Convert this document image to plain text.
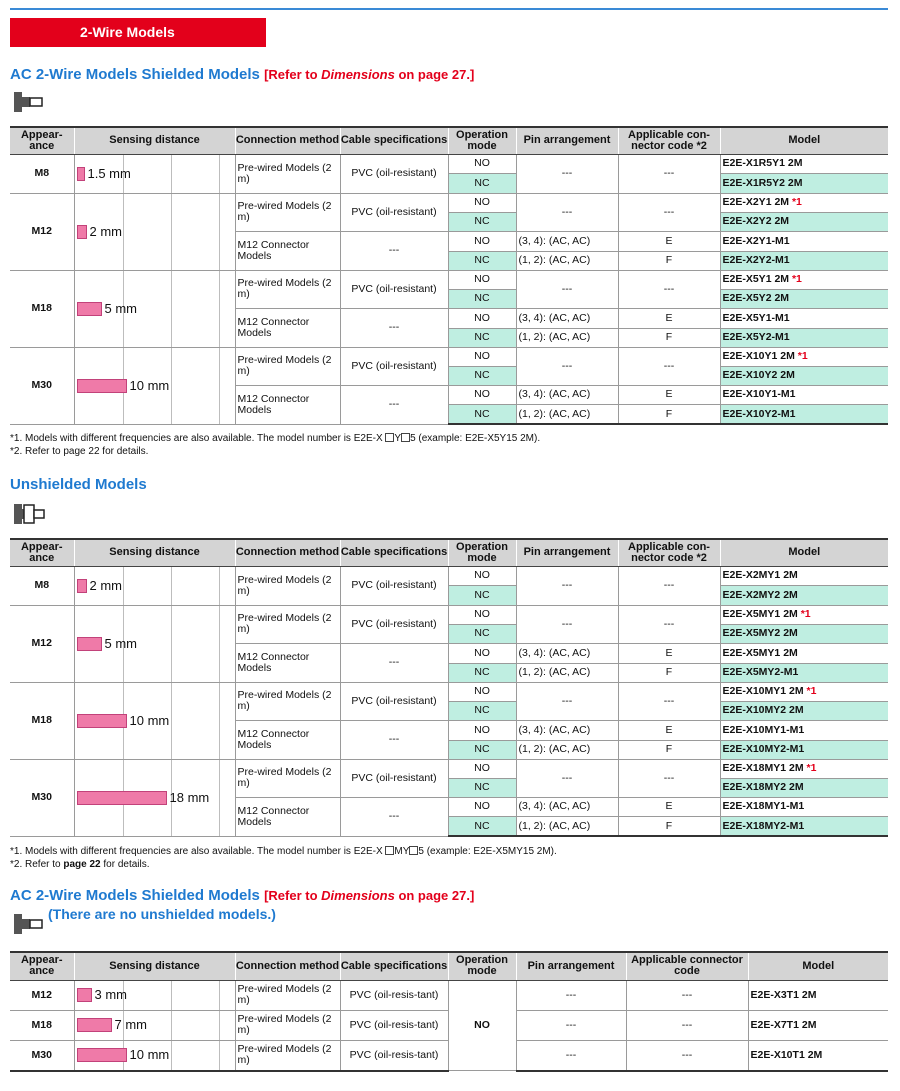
2-Wire Models
AC 2-Wire Models Shielded Models [Refer to Dimensions on page 27.]
Appear-ance	Sensing distance	Connection method	Cable specifications	Operation mode	Pin arrangement	Applicable con-nector code *2	Model
M8	1.5 mm	Pre-wired Models (2 m)	PVC (oil-resistant)	NO	---	---	E2E-X1R5Y1 2M
				NC			E2E-X1R5Y2 2M
M12	2 mm	Pre-wired Models (2 m)	PVC (oil-resistant)	NO	---	---	E2E-X2Y1 2M *1
				NC			E2E-X2Y2 2M
		M12 Connector Models	---	NO	(3, 4): (AC, AC)	E	E2E-X2Y1-M1
				NC	(1, 2): (AC, AC)	F	E2E-X2Y2-M1
M18	5 mm	Pre-wired Models (2 m)	PVC (oil-resistant)	NO	---	---	E2E-X5Y1 2M *1
				NC			E2E-X5Y2 2M
		M12 Connector Models	---	NO	(3, 4): (AC, AC)	E	E2E-X5Y1-M1
				NC	(1, 2): (AC, AC)	F	E2E-X5Y2-M1
M30	10 mm	Pre-wired Models (2 m)	PVC (oil-resistant)	NO	---	---	E2E-X10Y1 2M *1
				NC			E2E-X10Y2 2M
		M12 Connector Models	---	NO	(3, 4): (AC, AC)	E	E2E-X10Y1-M1
				NC	(1, 2): (AC, AC)	F	E2E-X10Y2-M1
*1. Models with different frequencies are also available. The model number is E2E-X Y 5 (example: E2E-X5Y15 2M).
*2. Refer to page 22 for details.
Unshielded Models
Appear-ance	Sensing distance	Connection method	Cable specifications	Operation mode	Pin arrangement	Applicable con-nector code *2	Model
M8	2 mm	Pre-wired Models (2 m)	PVC (oil-resistant)	NO	---	---	E2E-X2MY1 2M
				NC			E2E-X2MY2 2M
M12	5 mm	Pre-wired Models (2 m)	PVC (oil-resistant)	NO	---	---	E2E-X5MY1 2M *1
				NC			E2E-X5MY2 2M
		M12 Connector Models	---	NO	(3, 4): (AC, AC)	E	E2E-X5MY1 2M
				NC	(1, 2): (AC, AC)	F	E2E-X5MY2-M1
M18	10 mm	Pre-wired Models (2 m)	PVC (oil-resistant)	NO	---	---	E2E-X10MY1 2M *1
				NC			E2E-X10MY2 2M
		M12 Connector Models	---	NO	(3, 4): (AC, AC)	E	E2E-X10MY1-M1
				NC	(1, 2): (AC, AC)	F	E2E-X10MY2-M1
M30	18 mm	Pre-wired Models (2 m)	PVC (oil-resistant)	NO	---	---	E2E-X18MY1 2M *1
				NC			E2E-X18MY2 2M
		M12 Connector Models	---	NO	(3, 4): (AC, AC)	E	E2E-X18MY1-M1
				NC	(1, 2): (AC, AC)	F	E2E-X18MY2-M1
*1. Models with different frequencies are also available. The model number is E2E-X MY 5 (example: E2E-X5MY15 2M).
*2. Refer to page 22 for details.
AC 2-Wire Models Shielded Models [Refer to Dimensions on page 27.]
(There are no unshielded models.)
Appear-ance	Sensing distance	Connection method	Cable specifications	Operation mode	Pin arrangement	Applicable connector code	Model
M12	3 mm	Pre-wired Models (2 m)	PVC (oil-resis-tant)	NO	---	---	E2E-X3T1 2M
M18	7 mm	Pre-wired Models (2 m)	PVC (oil-resis-tant)		---	---	E2E-X7T1 2M
M30	10 mm	Pre-wired Models (2 m)	PVC (oil-resis-tant)		---	---	E2E-X10T1 2M
